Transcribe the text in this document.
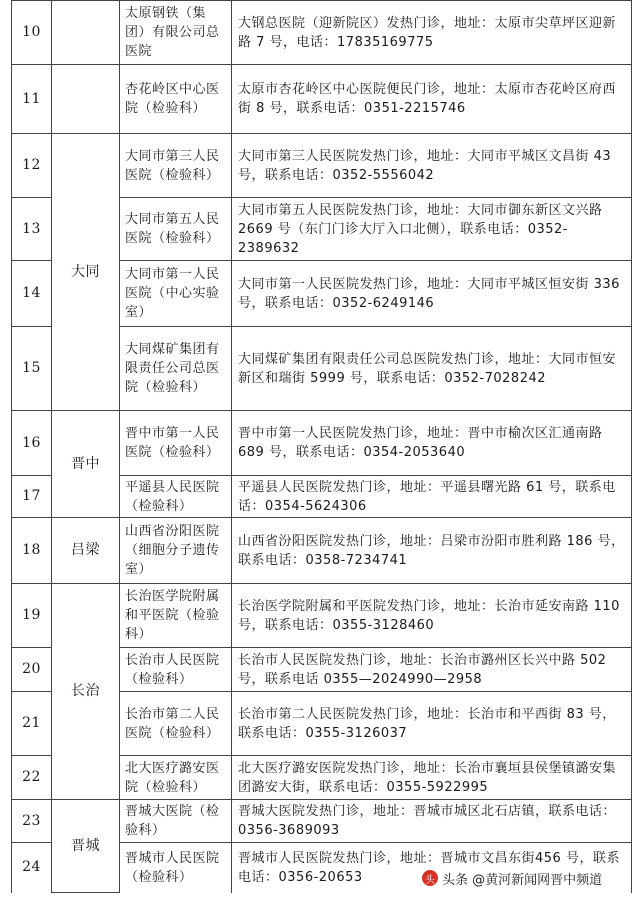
10		太原钢铁（集团）有限公司总医院	大钢总医院（迎新院区）发热门诊，地址：太原市尖草坪区迎新路 7 号，电话：17835169775
11		杏花岭区中心医院（检验科）	太原市杏花岭区中心医院便民门诊，地址：太原市杏花岭区府西街 8 号，联系电话：0351-2215746
12	大同	大同市第三人民医院（检验科）	大同市第三人民医院发热门诊，地址：大同市平城区文昌街 43 号，联系电话：0352-5556042
13		大同市第五人民医院（检验科）	大同市第五人民医院发热门诊，地址：大同市御东新区文兴路 2669 号（东门门诊大厅入口北侧），联系电话：0352-2389632
14		大同市第一人民医院（中心实验室）	大同市第一人民医院发热门诊，地址：大同市平城区恒安街 336 号，联系电话：0352-6249146
15		大同煤矿集团有限责任公司总医院（检验科）	大同煤矿集团有限责任公司总医院发热门诊，地址：大同市恒安新区和瑞街 5999 号，联系电话：0352-7028242
16	晋中	晋中市第一人民医院（检验科）	晋中市第一人民医院发热门诊，地址：晋中市榆次区汇通南路 689 号，联系电话：0354-2053640
17		平遥县人民医院（检验科）	平遥县人民医院发热门诊，地址：平遥县曙光路 61 号，联系电话：0354-5624306
18	吕梁	山西省汾阳医院（细胞分子遗传室）	山西省汾阳医院发热门诊，地址：吕梁市汾阳市胜利路 186 号，联系电话：0358-7234741
19	长治	长治医学院附属和平医院（检验科）	长治医学院附属和平医院发热门诊，地址：长治市延安南路 110 号，联系电话：0355-3128460
20		长治市人民医院（检验科）	长治市人民医院发热门诊，地址：长治市潞州区长兴中路 502 号，联系电话 0355—2024990—2958
21		长治市第二人民医院（检验科）	长治市第二人民医院发热门诊，地址：长治市和平西街 83 号，联系电话：0355-3126037
22		北大医疗潞安医院（检验科）	北大医疗潞安医院发热门诊，地址：长治市襄垣县侯堡镇潞安集团潞安大街，联系电话：0355-5922995
23	晋城	晋城大医院（检验科）	晋城大医院发热门诊，地址：晋城市城区北石店镇，联系电话：0356-3689093
24		晋城市人民医院（检验科）	晋城市人民医院发热门诊，地址：晋城市文昌东街456 号，联系电话：0356-20653	头 头条 @黄河新闻网晋中频道
